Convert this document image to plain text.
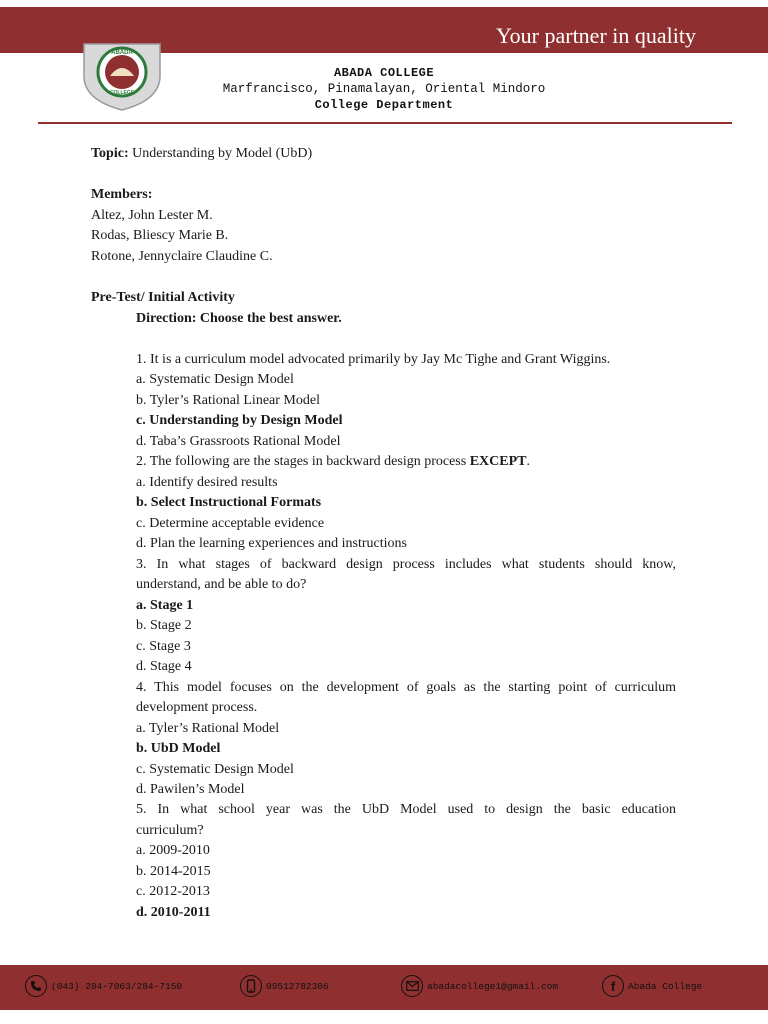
Your partner in quality
ABADA
COLLEGE
ABADA COLLEGE
Marfrancisco, Pinamalayan, Oriental Mindoro
College Department
Topic: Understanding by Model (UbD)
Members:
Altez, John Lester M.
Rodas, Bliescy Marie B.
Rotone, Jennyclaire Claudine C.
Pre-Test/ Initial Activity
Direction: Choose the best answer.
1. It is a curriculum model advocated primarily by Jay Mc Tighe and Grant Wiggins.
a. Systematic Design Model
b. Tyler’s Rational Linear Model
c. Understanding by Design Model
d. Taba’s Grassroots Rational Model
2. The following are the stages in backward design process EXCEPT.
a. Identify desired results
b. Select Instructional Formats
c. Determine acceptable evidence
d. Plan the learning experiences and instructions
3. In what stages of backward design process includes what students should know,
understand, and be able to do?
a. Stage 1
b. Stage 2
c. Stage 3
d. Stage 4
4. This model focuses on the development of goals as the starting point of curriculum
development process.
a. Tyler’s Rational Model
b. UbD Model
c. Systematic Design Model
d. Pawilen’s Model
5. In what school year was the UbD Model used to design the basic education
curriculum?
a. 2009-2010
b. 2014-2015
c. 2012-2013
d. 2010-2011
(043) 284-7063/284-7150	09512782306	abadacollege1@gmail.com	f Abada College
